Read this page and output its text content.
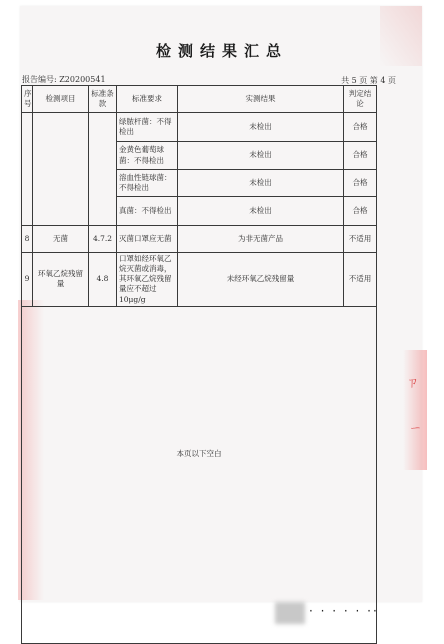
ㄗ
ㄧ
检测结果汇总
报告编号: Z20200541	共 5 页 第 4 页
序号	检测项目	标准条款	标准要求	实测结果	判定结论
			绿脓杆菌：不得检出	未检出	合格
			金黄色葡萄球菌：不得检出	未检出	合格
			溶血性链球菌：不得检出	未检出	合格
			真菌：不得检出	未检出	合格
8	无菌	4.7.2	灭菌口罩应无菌	为非无菌产品	不适用
9	环氧乙烷残留量	4.8	口罩如经环氧乙烷灭菌或消毒，其环氧乙烷残留量应不超过10μg/g	未经环氧乙烷残留量	不适用

本页以下空白					
· · · · · ··
